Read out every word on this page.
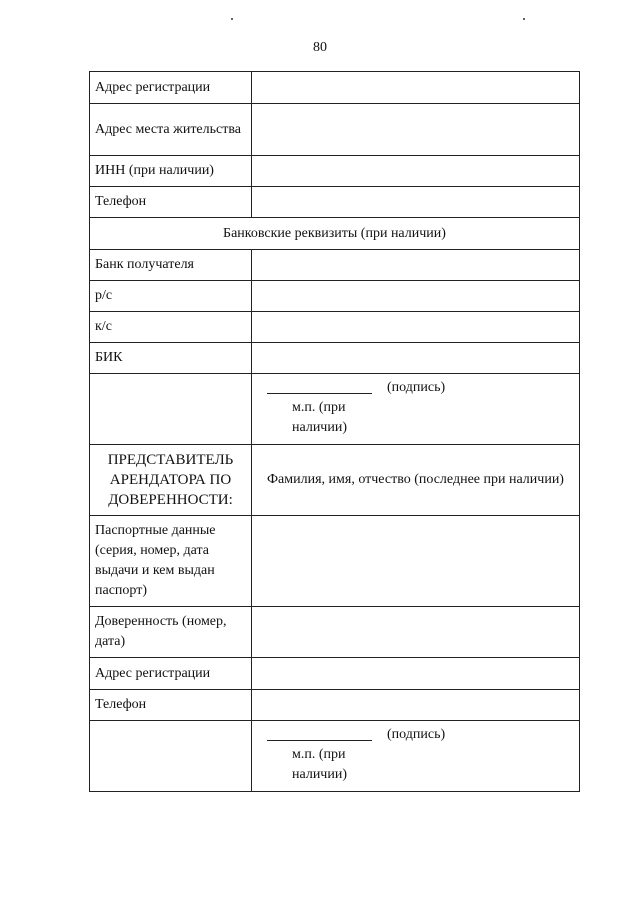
80
Адрес регистрации	
Адрес места жительства	
ИНН (при наличии)	
Телефон	
Банковские реквизиты (при наличии)	
Банк получателя	
р/с	
к/с	
БИК	

	(подпись)
м.п. (при наличии)

ПРЕДСТАВИТЕЛЬ АРЕНДАТОРА ПО ДОВЕРЕННОСТИ:	Фамилия, имя, отчество (последнее при наличии)
Паспортные данные (серия, номер, дата выдачи и кем выдан паспорт)	
Доверенность (номер, дата)	
Адрес регистрации	
Телефон	

	(подпись)
м.п. (при наличии)
